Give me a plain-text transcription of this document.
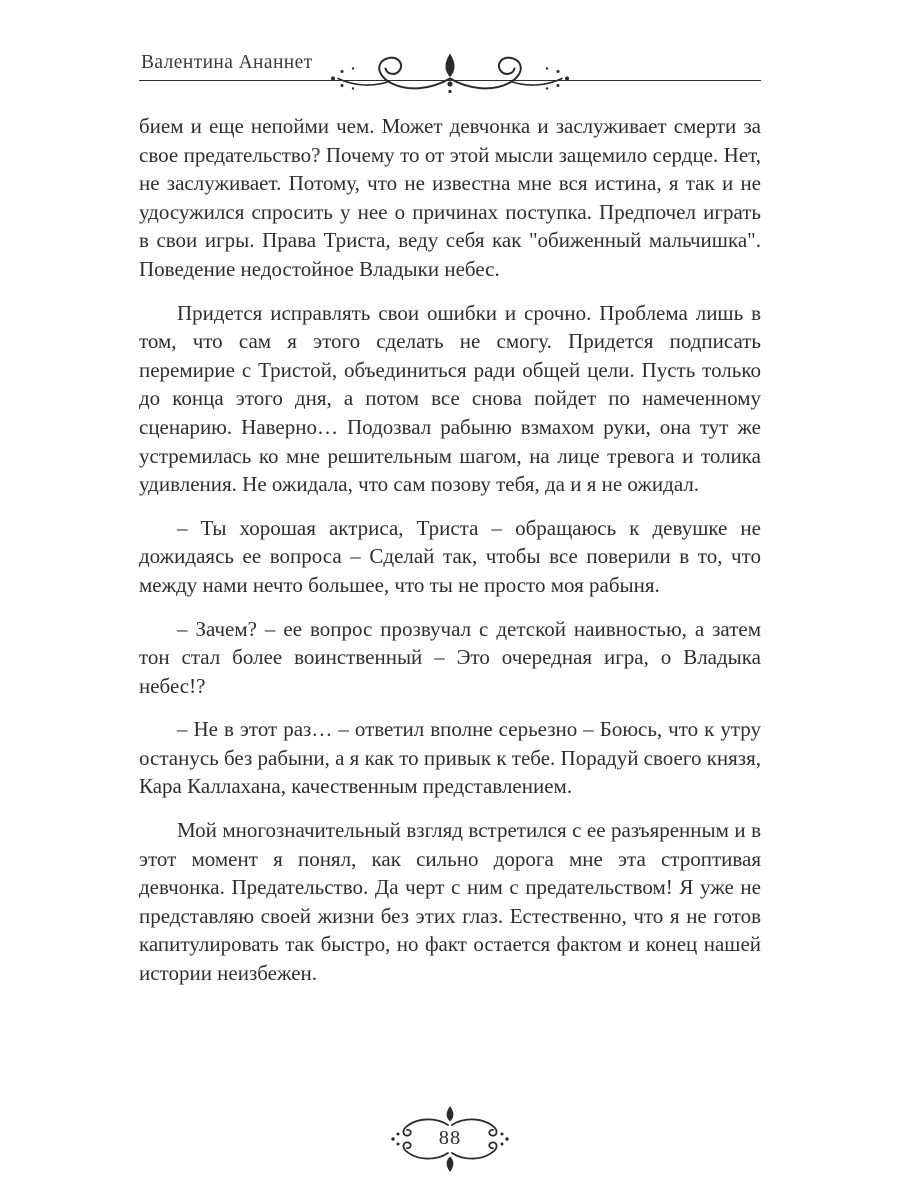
Валентина Ананнет

бием и еще непойми чем. Может девчонка и заслуживает смерти за свое предательство? Почему то от этой мысли защемило сердце. Нет, не заслуживает. Потому, что не известна мне вся истина, я так и не удосужился спросить у нее о причинах поступка. Предпочел играть в свои игры. Права Триста, веду себя как "обиженный мальчишка". Поведение недостойное Владыки небес.

Придется исправлять свои ошибки и срочно. Проблема лишь в том, что сам я этого сделать не смогу. Придется подписать перемирие с Тристой, объединиться ради общей цели. Пусть только до конца этого дня, а потом все снова пойдет по намеченному сценарию. Наверно… Подозвал рабыню взмахом руки, она тут же устремилась ко мне решительным шагом, на лице тревога и толика удивления. Не ожидала, что сам позову тебя, да и я не ожидал.

– Ты хорошая актриса, Триста – обращаюсь к девушке не дожидаясь ее вопроса – Сделай так, чтобы все поверили в то, что между нами нечто большее, что ты не просто моя рабыня.

– Зачем? – ее вопрос прозвучал с детской наивностью, а затем тон стал более воинственный – Это очередная игра, о Владыка небес!?

– Не в этот раз… – ответил вполне серьезно – Боюсь, что к утру останусь без рабыни, а я как то привык к тебе. Порадуй своего князя, Кара Каллахана, качественным представлением.

Мой многозначительный взгляд встретился с ее разъяренным и в этот момент я понял, как сильно дорога мне эта строптивая девчонка. Предательство. Да черт с ним с предательством! Я уже не представляю своей жизни без этих глаз. Естественно, что я не готов капитулировать так быстро, но факт остается фактом и конец нашей истории неизбежен.

88
